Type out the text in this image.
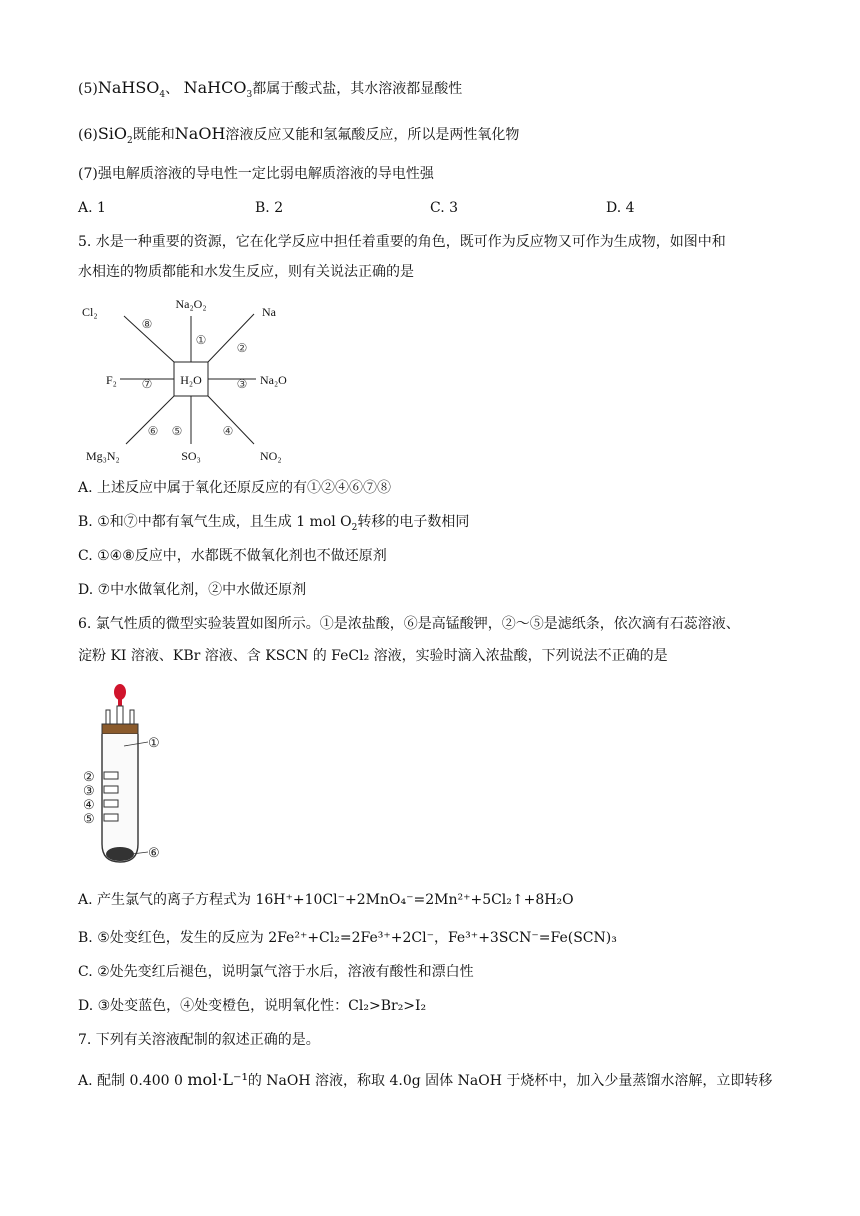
(5)NaHSO$_4$、 NaHCO$_3$都属于酸式盐，其水溶液都显酸性
(6)SiO$_2$既能和NaOH溶液反应又能和氢氟酸反应，所以是两性氧化物
(7)强电解质溶液的导电性一定比弱电解质溶液的导电性强
A. 1	B. 2	C. 3	D. 4
5. 水是一种重要的资源，它在化学反应中担任着重要的角色，既可作为反应物又可作为生成物，如图中和
水相连的物质都能和水发生反应，则有关说法正确的是
H₂O
Na₂O₂
Na
Cl₂
F₂	Na₂O
Mg₃N₂	SO₃	NO₂
①
②
③
④
⑤
⑥
⑦
⑧
A. 上述反应中属于氧化还原反应的有①②④⑥⑦⑧
B. ①和⑦中都有氧气生成，且生成 1 mol $O_2$转移的电子数相同
C. ①④⑧反应中，水都既不做氧化剂也不做还原剂
D. ⑦中水做氧化剂，②中水做还原剂
6. 氯气性质的微型实验装置如图所示。①是浓盐酸，⑥是高锰酸钾，②～⑤是滤纸条，依次滴有石蕊溶液、
淀粉 KI 溶液、KBr 溶液、含 KSCN 的 FeCl₂ 溶液，实验时滴入浓盐酸，下列说法不正确的是
①
②
③
④
⑤
⑥
A. 产生氯气的离子方程式为 16H⁺+10Cl⁻+2MnO₄⁻=2Mn²⁺+5Cl₂↑+8H₂O
B. ⑤处变红色，发生的反应为 2Fe²⁺+Cl₂=2Fe³⁺+2Cl⁻，Fe³⁺+3SCN⁻=Fe(SCN)₃
C. ②处先变红后褪色，说明氯气溶于水后，溶液有酸性和漂白性
D. ③处变蓝色，④处变橙色，说明氧化性：Cl₂>Br₂>I₂
7. 下列有关溶液配制的叙述正确的是。
A. 配制 0.400 0 mol·L⁻¹的 NaOH 溶液，称取 4.0g 固体 NaOH 于烧杯中，加入少量蒸馏水溶解，立即转移
